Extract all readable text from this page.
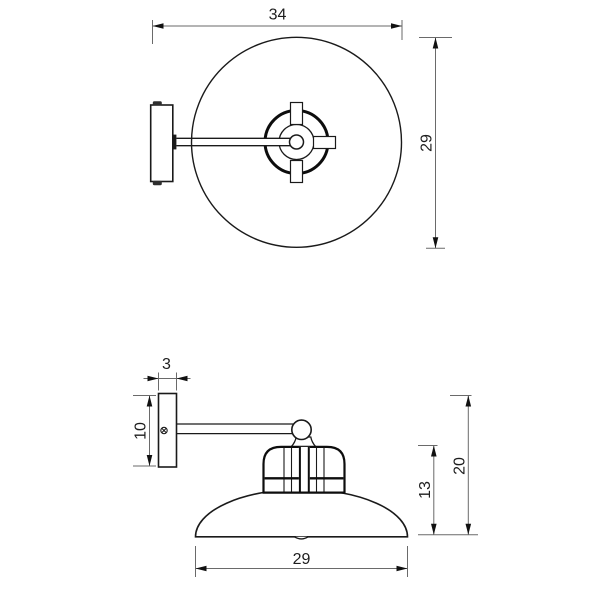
34
29
3
10
13
20
29
